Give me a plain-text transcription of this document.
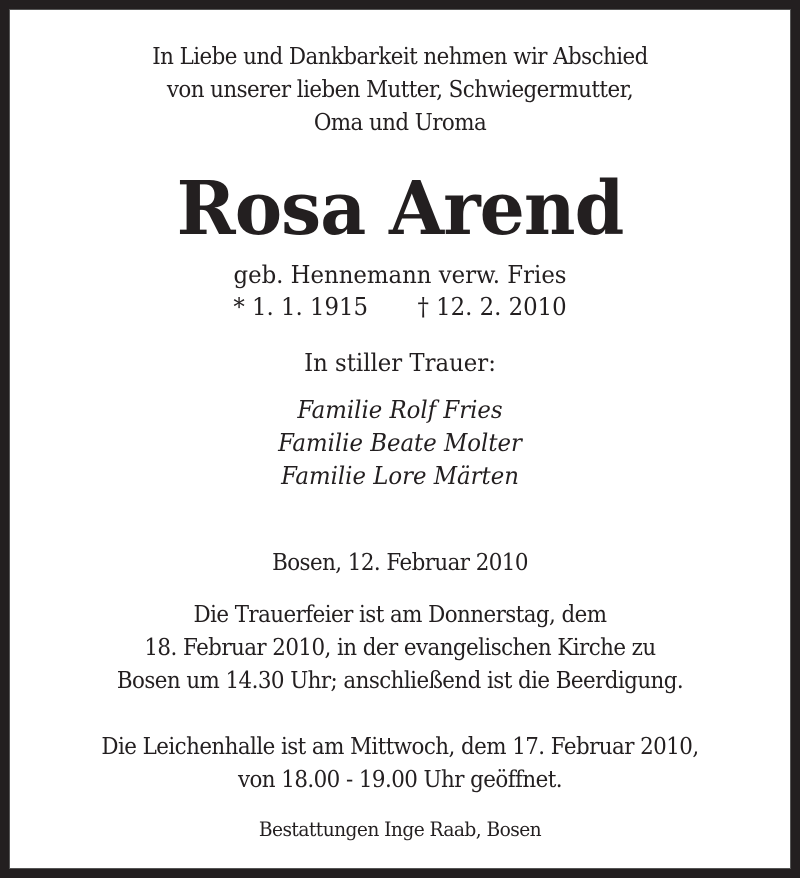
In Liebe und Dankbarkeit nehmen wir Abschied
von unserer lieben Mutter, Schwiegermutter,
Oma und Uroma
Rosa Arend
geb. Hennemann verw. Fries
* 1. 1. 1915 † 12. 2. 2010
In stiller Trauer:
Familie Rolf Fries
Familie Beate Molter
Familie Lore Märten
Bosen, 12. Februar 2010
Die Trauerfeier ist am Donnerstag, dem
18. Februar 2010, in der evangelischen Kirche zu
Bosen um 14.30 Uhr; anschließend ist die Beerdigung.
Die Leichenhalle ist am Mittwoch, dem 17. Februar 2010,
von 18.00 - 19.00 Uhr geöffnet.
Bestattungen Inge Raab, Bosen
